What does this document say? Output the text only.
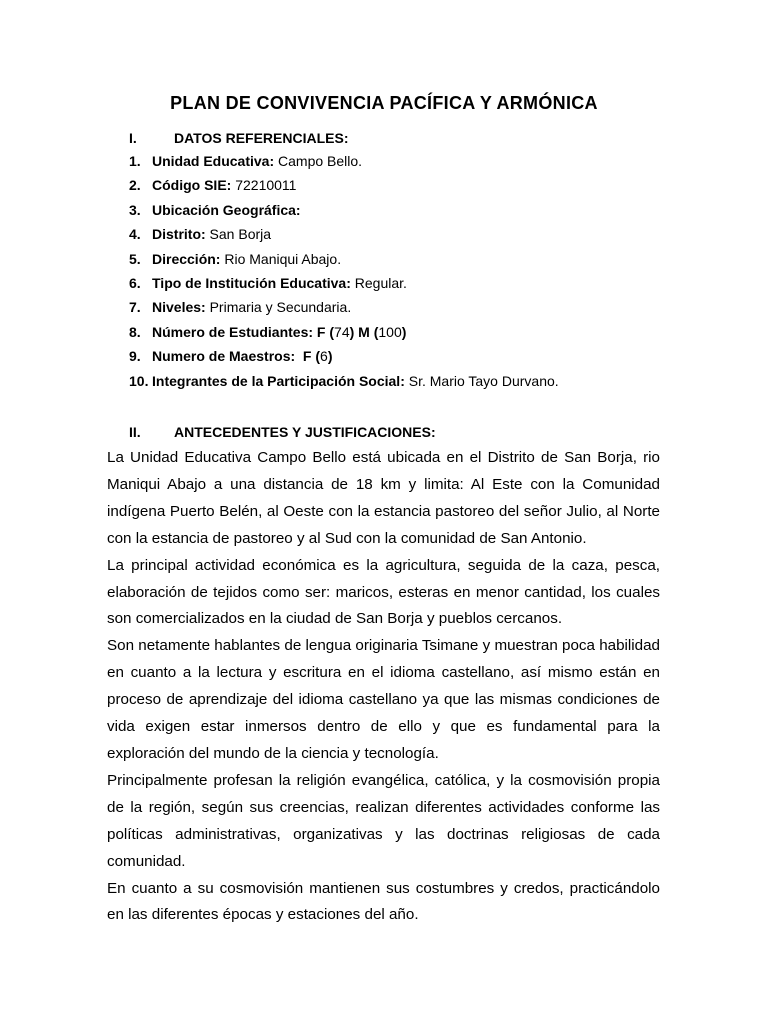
PLAN DE CONVIVENCIA PACÍFICA Y ARMÓNICA
I.	DATOS REFERENCIALES:
1. Unidad Educativa: Campo Bello.
2. Código SIE: 72210011
3. Ubicación Geográfica:
4. Distrito: San Borja
5. Dirección: Rio Maniqui Abajo.
6. Tipo de Institución Educativa: Regular.
7. Niveles: Primaria y Secundaria.
8. Número de Estudiantes: F ( 74 ) M ( 100 )
9. Numero de Maestros: F ( 6 )
10. Integrantes de la Participación Social: Sr. Mario Tayo Durvano.
II.	ANTECEDENTES Y JUSTIFICACIONES:

La Unidad Educativa Campo Bello está ubicada en el Distrito de San Borja, rio Maniqui Abajo a una distancia de 18 km y limita: Al Este con la Comunidad indígena Puerto Belén, al Oeste con la estancia pastoreo del señor Julio, al Norte con la estancia de pastoreo y al Sud con la comunidad de San Antonio.

La principal actividad económica es la agricultura, seguida de la caza, pesca, elaboración de tejidos como ser: maricos, esteras en menor cantidad, los cuales son comercializados en la ciudad de San Borja y pueblos cercanos.

Son netamente hablantes de lengua originaria Tsimane y muestran poca habilidad en cuanto a la lectura y escritura en el idioma castellano, así mismo están en proceso de aprendizaje del idioma castellano ya que las mismas condiciones de vida exigen estar inmersos dentro de ello y que es fundamental para la exploración del mundo de la ciencia y tecnología.

Principalmente profesan la religión evangélica, católica, y la cosmovisión propia de la región, según sus creencias, realizan diferentes actividades conforme las políticas administrativas, organizativas y las doctrinas religiosas de cada comunidad.

En cuanto a su cosmovisión mantienen sus costumbres y credos, practicándolo en las diferentes épocas y estaciones del año.
